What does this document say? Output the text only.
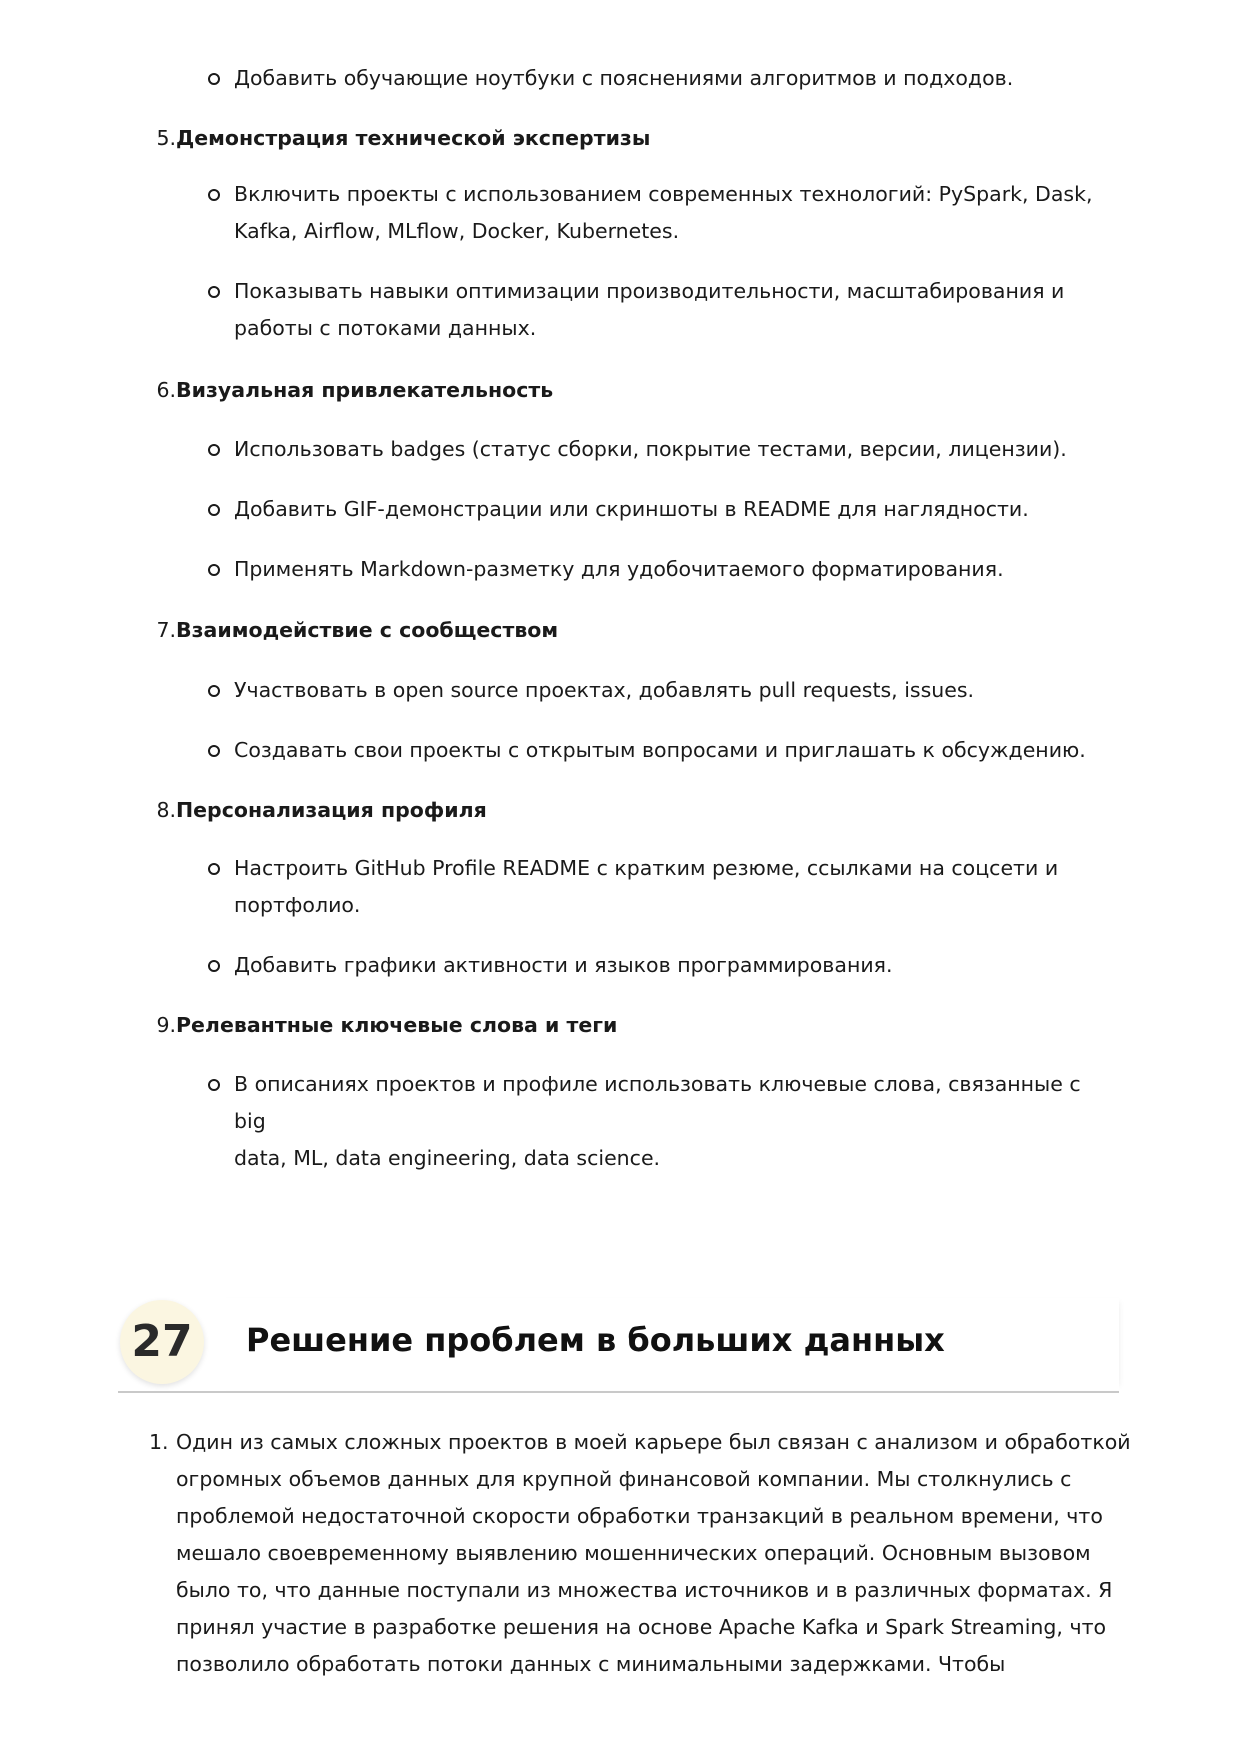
Добавить обучающие ноутбуки с пояснениями алгоритмов и подходов.
5. Демонстрация технической экспертизы
Включить проекты с использованием современных технологий: PySpark, Dask,
Kafka, Airflow, MLflow, Docker, Kubernetes.
Показывать навыки оптимизации производительности, масштабирования и
работы с потоками данных.
6. Визуальная привлекательность
Использовать badges (статус сборки, покрытие тестами, версии, лицензии).
Добавить GIF-демонстрации или скриншоты в README для наглядности.
Применять Markdown-разметку для удобочитаемого форматирования.
7. Взаимодействие с сообществом
Участвовать в open source проектах, добавлять pull requests, issues.
Создавать свои проекты с открытым вопросами и приглашать к обсуждению.
8. Персонализация профиля
Настроить GitHub Profile README с кратким резюме, ссылками на соцсети и
портфолио.
Добавить графики активности и языков программирования.
9. Релевантные ключевые слова и теги
В описаниях проектов и профиле использовать ключевые слова, связанные с big
data, ML, data engineering, data science.
27	Решение проблем в больших данных
1. Один из самых сложных проектов в моей карьере был связан с анализом и обработкой
огромных объемов данных для крупной финансовой компании. Мы столкнулись с
проблемой недостаточной скорости обработки транзакций в реальном времени, что
мешало своевременному выявлению мошеннических операций. Основным вызовом
было то, что данные поступали из множества источников и в различных форматах. Я
принял участие в разработке решения на основе Apache Kafka и Spark Streaming, что
позволило обработать потоки данных с минимальными задержками. Чтобы
